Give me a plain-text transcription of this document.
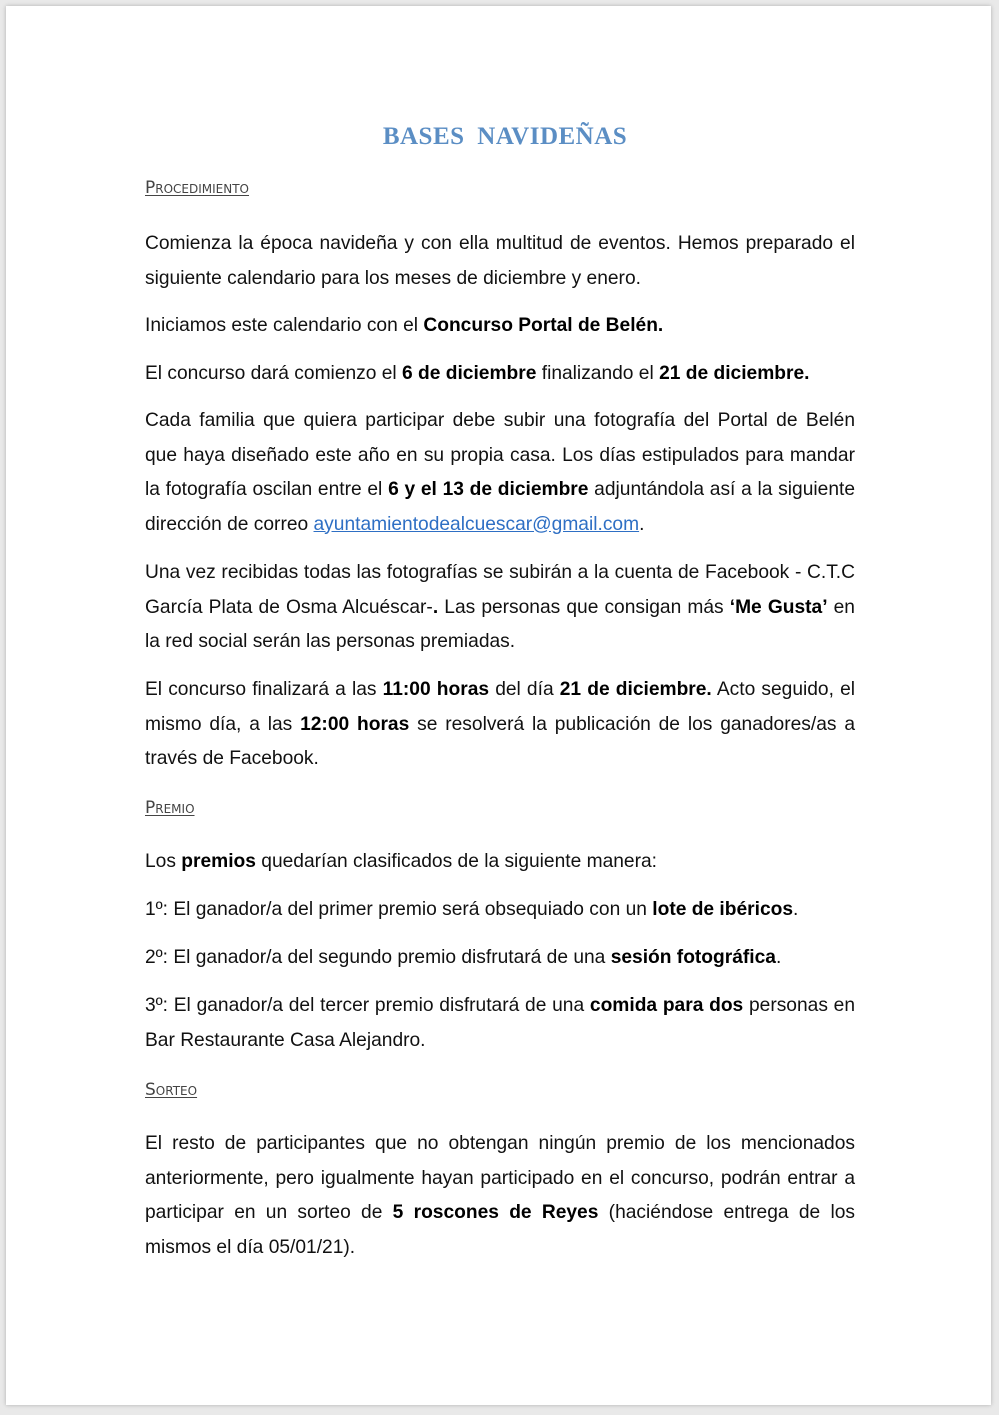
BASES NAVIDEÑAS
Procedimiento

Comienza la época navideña y con ella multitud de eventos. Hemos preparado el siguiente calendario para los meses de diciembre y enero.

Iniciamos este calendario con el Concurso Portal de Belén.

El concurso dará comienzo el 6 de diciembre finalizando el 21 de diciembre.

Cada familia que quiera participar debe subir una fotografía del Portal de Belén que haya diseñado este año en su propia casa. Los días estipulados para mandar la fotografía oscilan entre el 6 y el 13 de diciembre adjuntándola así a la siguiente dirección de correo ayuntamientodealcuescar@gmail.com.

Una vez recibidas todas las fotografías se subirán a la cuenta de Facebook - C.T.C García Plata de Osma Alcuéscar-. Las personas que consigan más ‘Me Gusta’ en la red social serán las personas premiadas.

El concurso finalizará a las 11:00 horas del día 21 de diciembre. Acto seguido, el mismo día, a las 12:00 horas se resolverá la publicación de los ganadores/as a través de Facebook.

Premio

Los premios quedarían clasificados de la siguiente manera:

1º: El ganador/a del primer premio será obsequiado con un lote de ibéricos.

2º: El ganador/a del segundo premio disfrutará de una sesión fotográfica.

3º: El ganador/a del tercer premio disfrutará de una comida para dos personas en Bar Restaurante Casa Alejandro.

Sorteo

El resto de participantes que no obtengan ningún premio de los mencionados anteriormente, pero igualmente hayan participado en el concurso, podrán entrar a participar en un sorteo de 5 roscones de Reyes (haciéndose entrega de los mismos el día 05/01/21).
